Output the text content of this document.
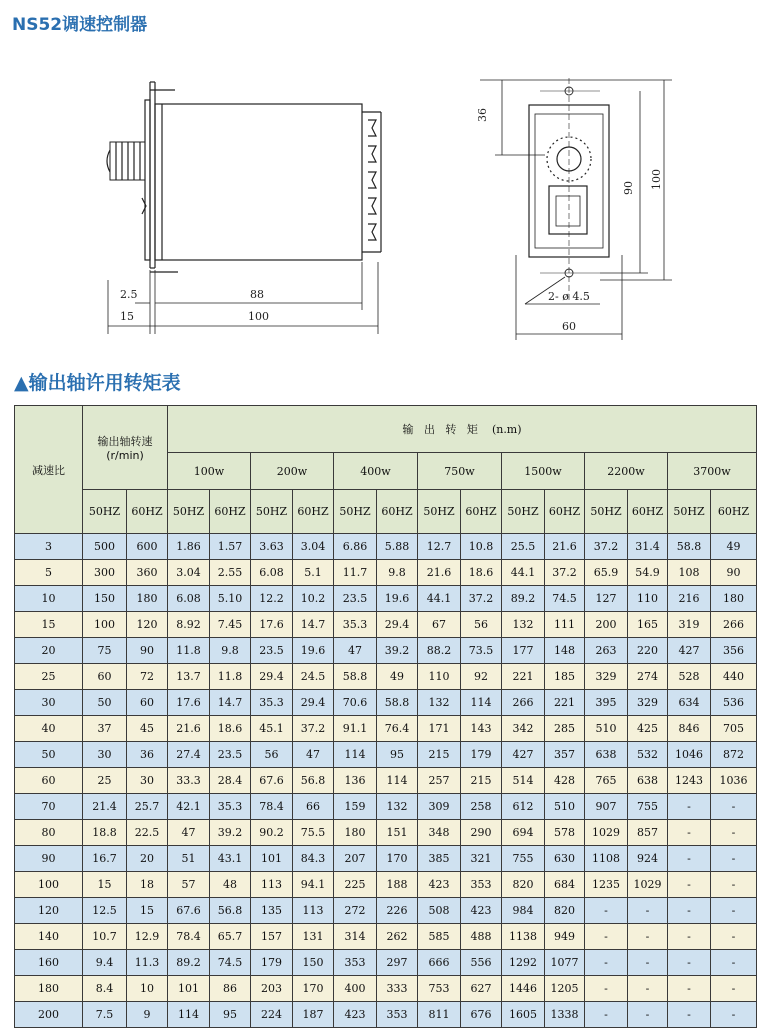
NS52调速控制器
2.5	88
15	100
36
90 100
2- ø 4.5
60
▲输出轴许用转矩表
减速比	输出轴转速
(r/min)		输   出   转   矩 (n.m)													
			100w		200w		400w		750w		1500w		2200w		3700w	
	50HZ	60HZ	50HZ	60HZ	50HZ	60HZ	50HZ	60HZ	50HZ	60HZ	50HZ	60HZ	50HZ	60HZ	50HZ	60HZ
3	500	600	1.86	1.57	3.63	3.04	6.86	5.88	12.7	10.8	25.5	21.6	37.2	31.4	58.8	49
5	300	360	3.04	2.55	6.08	5.1	11.7	9.8	21.6	18.6	44.1	37.2	65.9	54.9	108	90
10	150	180	6.08	5.10	12.2	10.2	23.5	19.6	44.1	37.2	89.2	74.5	127	110	216	180
15	100	120	8.92	7.45	17.6	14.7	35.3	29.4	67	56	132	111	200	165	319	266
20	75	90	11.8	9.8	23.5	19.6	47	39.2	88.2	73.5	177	148	263	220	427	356
25	60	72	13.7	11.8	29.4	24.5	58.8	49	110	92	221	185	329	274	528	440
30	50	60	17.6	14.7	35.3	29.4	70.6	58.8	132	114	266	221	395	329	634	536
40	37	45	21.6	18.6	45.1	37.2	91.1	76.4	171	143	342	285	510	425	846	705
50	30	36	27.4	23.5	56	47	114	95	215	179	427	357	638	532	1046	872
60	25	30	33.3	28.4	67.6	56.8	136	114	257	215	514	428	765	638	1243	1036
70	21.4	25.7	42.1	35.3	78.4	66	159	132	309	258	612	510	907	755	-	-
80	18.8	22.5	47	39.2	90.2	75.5	180	151	348	290	694	578	1029	857	-	-
90	16.7	20	51	43.1	101	84.3	207	170	385	321	755	630	1108	924	-	-
100	15	18	57	48	113	94.1	225	188	423	353	820	684	1235	1029	-	-
120	12.5	15	67.6	56.8	135	113	272	226	508	423	984	820	-	-	-	-
140	10.7	12.9	78.4	65.7	157	131	314	262	585	488	1138	949	-	-	-	-
160	9.4	11.3	89.2	74.5	179	150	353	297	666	556	1292	1077	-	-	-	-
180	8.4	10	101	86	203	170	400	333	753	627	1446	1205	-	-	-	-
200	7.5	9	114	95	224	187	423	353	811	676	1605	1338	-	-	-	-
